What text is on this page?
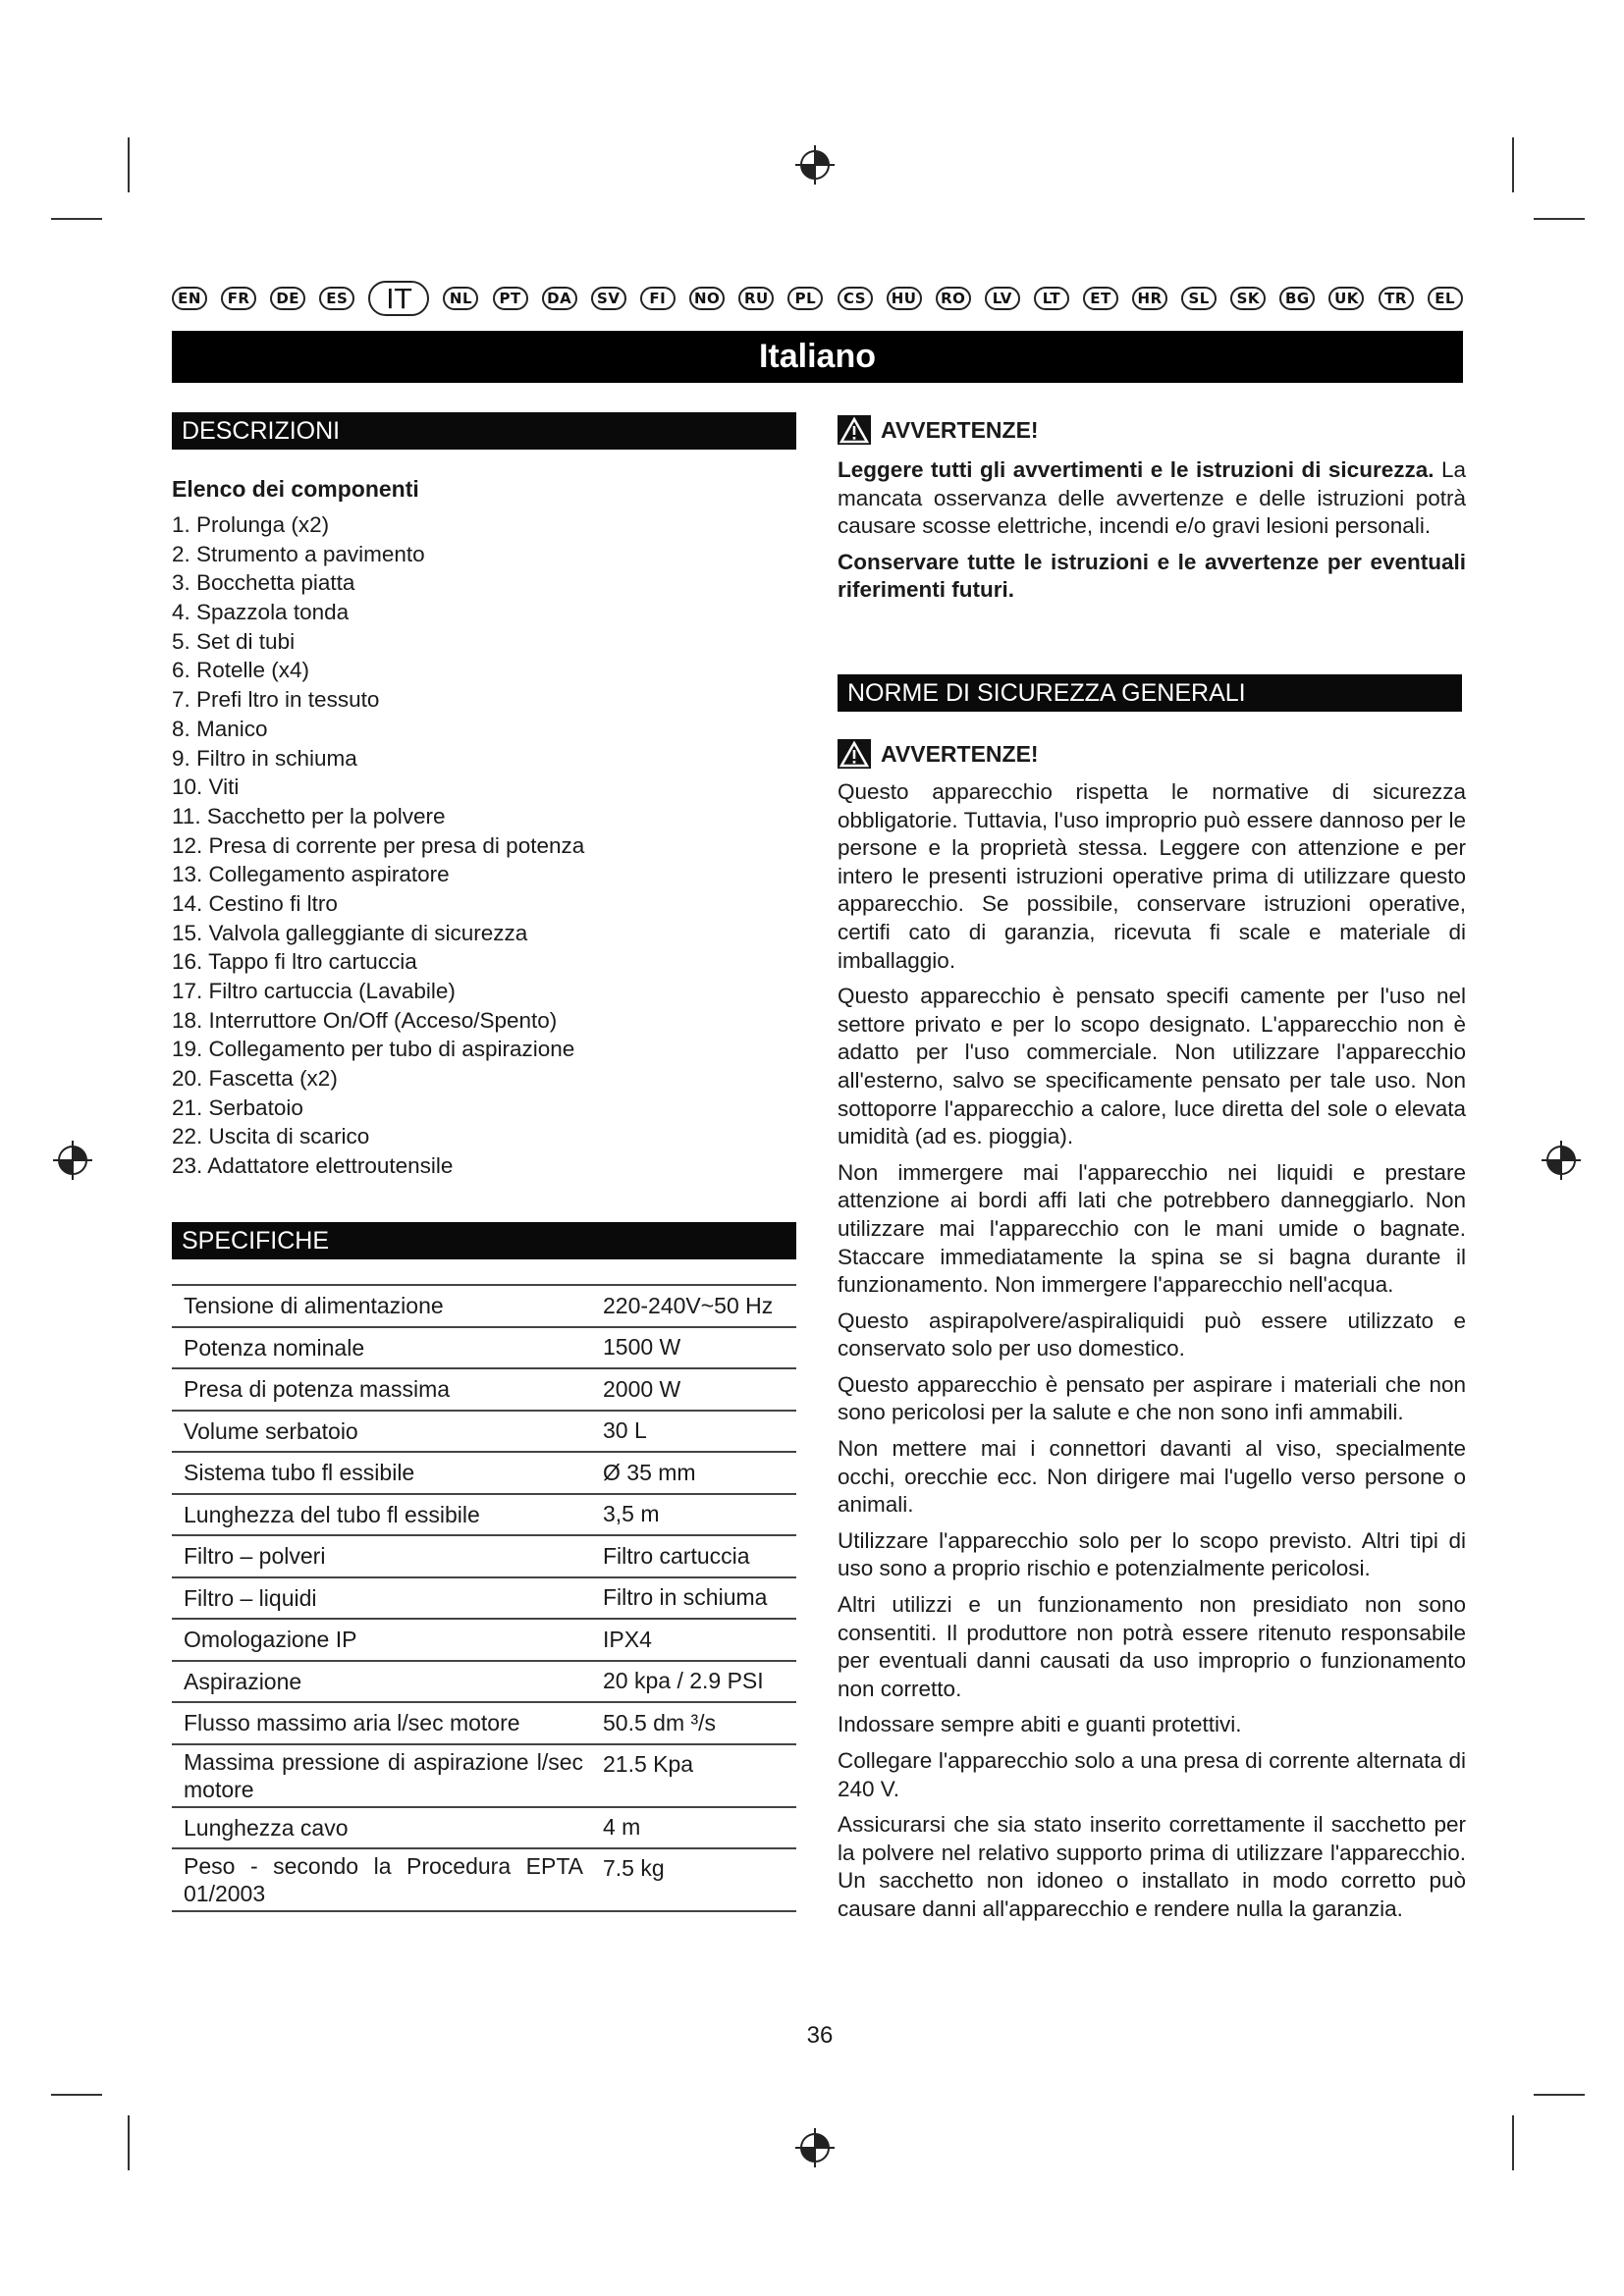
EN	FR	DE	ES	IT	NL	PT	DA	SV	FI	NO	RU	PL	CS	HU	RO	LV	LT	ET	HR	SL	SK	BG	UK	TR	EL
Italiano
DESCRIZIONI
Elenco dei componenti
1. Prolunga (x2)
2. Strumento a pavimento
3. Bocchetta piatta
4. Spazzola tonda
5. Set di tubi
6. Rotelle (x4)
7. Prefi ltro in tessuto
8. Manico
9. Filtro in schiuma
10. Viti
11. Sacchetto per la polvere
12. Presa di corrente per presa di potenza
13. Collegamento aspiratore
14. Cestino fi ltro
15. Valvola galleggiante di sicurezza
16. Tappo fi ltro cartuccia
17. Filtro cartuccia (Lavabile)
18. Interruttore On/Off (Acceso/Spento)
19. Collegamento per tubo di aspirazione
20. Fascetta (x2)
21. Serbatoio
22. Uscita di scarico
23. Adattatore elettroutensile
SPECIFICHE
Tensione di alimentazione	220-240V~50 Hz
Potenza nominale	1500 W
Presa di potenza massima	2000 W
Volume serbatoio	30 L
Sistema tubo fl essibile	Ø 35 mm
Lunghezza del tubo fl essibile	3,5 m
Filtro – polveri	Filtro cartuccia
Filtro – liquidi	Filtro in schiuma
Omologazione IP	IPX4
Aspirazione	20 kpa / 2.9 PSI
Flusso massimo aria l/sec motore	50.5 dm ³/s
Massima pressione di aspirazione l/sec motore	21.5 Kpa
Lunghezza cavo	4 m
Peso - secondo la Procedura EPTA 01/2003	7.5 kg
AVVERTENZE!

Leggere tutti gli avvertimenti e le istruzioni di sicurezza. La mancata osservanza delle avvertenze e delle istruzioni potrà causare scosse elettriche, incendi e/o gravi lesioni personali.

Conservare tutte le istruzioni e le avvertenze per eventuali riferimenti futuri.

NORME DI SICUREZZA GENERALI
AVVERTENZE!

Questo apparecchio rispetta le normative di sicurezza obbligatorie. Tuttavia, l'uso improprio può essere dannoso per le persone e la proprietà stessa. Leggere con attenzione e per intero le presenti istruzioni operative prima di utilizzare questo apparecchio. Se possibile, conservare istruzioni operative, certifi cato di garanzia, ricevuta fi scale e materiale di imballaggio.

Questo apparecchio è pensato specifi camente per l'uso nel settore privato e per lo scopo designato. L'apparecchio non è adatto per l'uso commerciale. Non utilizzare l'apparecchio all'esterno, salvo se specificamente pensato per tale uso. Non sottoporre l'apparecchio a calore, luce diretta del sole o elevata umidità (ad es. pioggia).

Non immergere mai l'apparecchio nei liquidi e prestare attenzione ai bordi affi lati che potrebbero danneggiarlo. Non utilizzare mai l'apparecchio con le mani umide o bagnate. Staccare immediatamente la spina se si bagna durante il funzionamento. Non immergere l'apparecchio nell'acqua.

Questo aspirapolvere/aspiraliquidi può essere utilizzato e conservato solo per uso domestico.

Questo apparecchio è pensato per aspirare i materiali che non sono pericolosi per la salute e che non sono infi ammabili.

Non mettere mai i connettori davanti al viso, specialmente occhi, orecchie ecc. Non dirigere mai l'ugello verso persone o animali.

Utilizzare l'apparecchio solo per lo scopo previsto. Altri tipi di uso sono a proprio rischio e potenzialmente pericolosi.

Altri utilizzi e un funzionamento non presidiato non sono consentiti. Il produttore non potrà essere ritenuto responsabile per eventuali danni causati da uso improprio o funzionamento non corretto.

Indossare sempre abiti e guanti protettivi.

Collegare l'apparecchio solo a una presa di corrente alternata di 240 V.

Assicurarsi che sia stato inserito correttamente il sacchetto per la polvere nel relativo supporto prima di utilizzare l'apparecchio. Un sacchetto non idoneo o installato in modo corretto può causare danni all'apparecchio e rendere nulla la garanzia.

36
